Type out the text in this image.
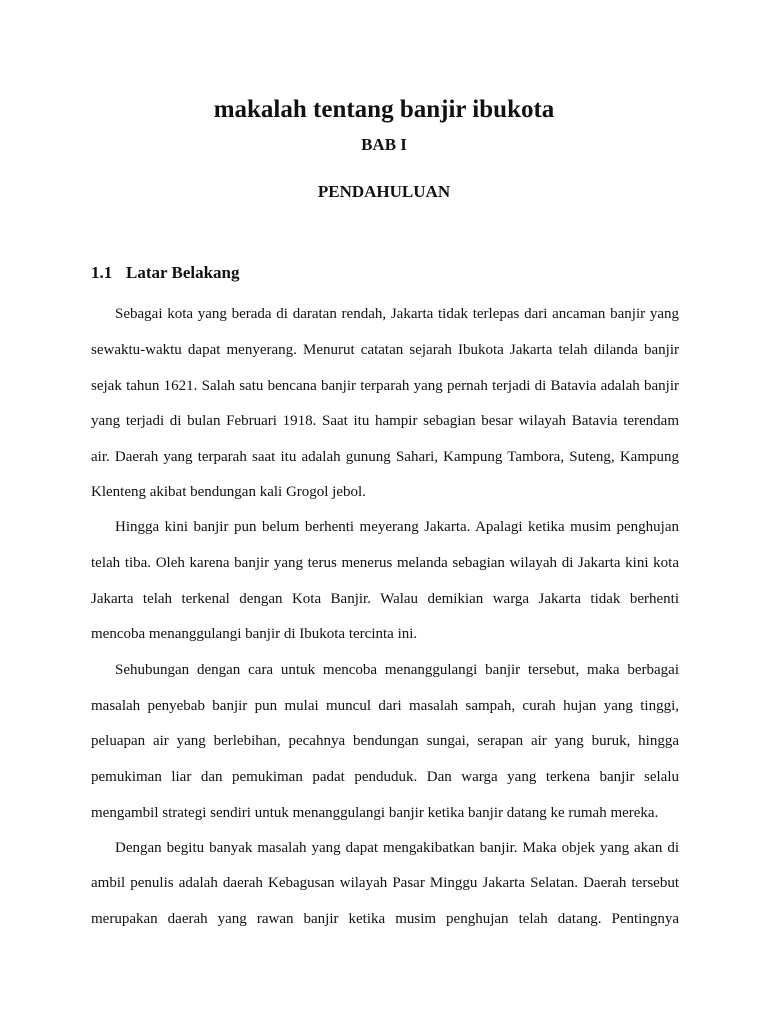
makalah tentang banjir ibukota
BAB I
PENDAHULUAN
1.1 Latar Belakang
Sebagai kota yang berada di daratan rendah, Jakarta tidak terlepas dari ancaman banjir yang
sewaktu-waktu dapat menyerang. Menurut catatan sejarah Ibukota Jakarta telah dilanda banjir
sejak tahun 1621. Salah satu bencana banjir terparah yang pernah terjadi di Batavia adalah banjir
yang terjadi di bulan Februari 1918. Saat itu hampir sebagian besar wilayah Batavia terendam
air. Daerah yang terparah saat itu adalah gunung Sahari, Kampung Tambora, Suteng, Kampung
Klenteng akibat bendungan kali Grogol jebol.
Hingga kini banjir pun belum berhenti meyerang Jakarta. Apalagi ketika musim penghujan
telah tiba. Oleh karena banjir yang terus menerus melanda sebagian wilayah di Jakarta kini kota
Jakarta telah terkenal dengan Kota Banjir. Walau demikian warga Jakarta tidak berhenti
mencoba menanggulangi banjir di Ibukota tercinta ini.
Sehubungan dengan cara untuk mencoba menanggulangi banjir tersebut, maka berbagai
masalah penyebab banjir pun mulai muncul dari masalah sampah, curah hujan yang tinggi,
peluapan air yang berlebihan, pecahnya bendungan sungai, serapan air yang buruk, hingga
pemukiman liar dan pemukiman padat penduduk. Dan warga yang terkena banjir selalu
mengambil strategi sendiri untuk menanggulangi banjir ketika banjir datang ke rumah mereka.
Dengan begitu banyak masalah yang dapat mengakibatkan banjir. Maka objek yang akan di
ambil penulis adalah daerah Kebagusan wilayah Pasar Minggu Jakarta Selatan. Daerah tersebut
merupakan daerah yang rawan banjir ketika musim penghujan telah datang. Pentingnya
